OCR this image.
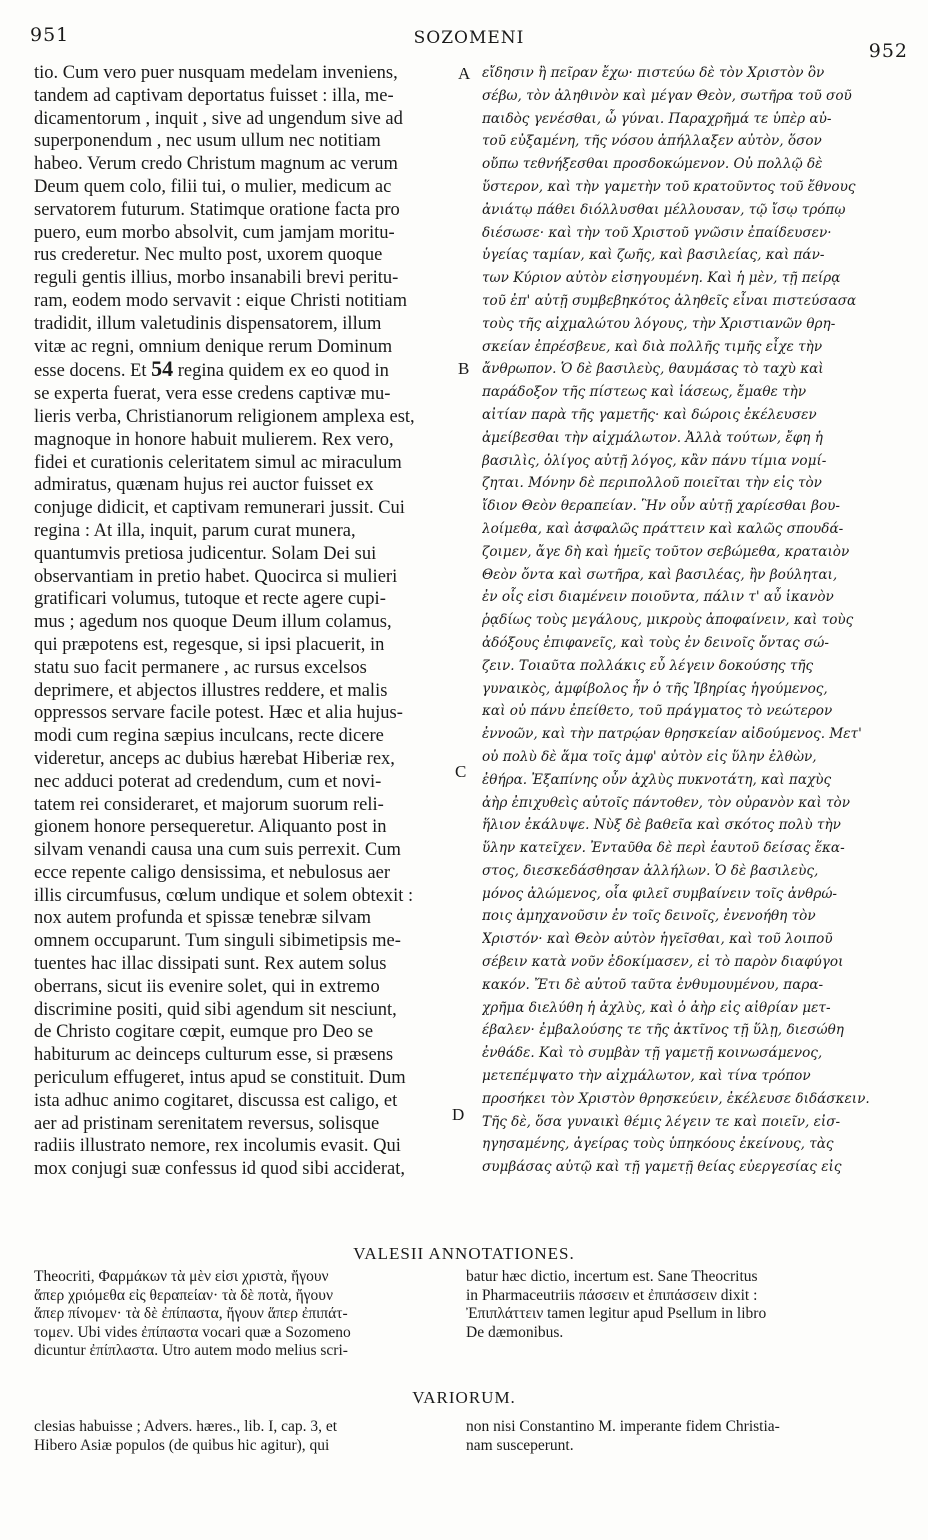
951	SOZOMENI
952

tio. Cum vero puer nusquam medelam inveniens,

tandem ad captivam deportatus fuisset : illa, me-

dicamentorum , inquit , sive ad ungendum sive ad

superponendum , nec usum ullum nec notitiam

habeo. Verum credo Christum magnum ac verum

Deum quem colo, filii tui, o mulier, medicum ac

servatorem futurum. Statimque oratione facta pro

puero, eum morbo absolvit, cum jamjam moritu-

rus crederetur. Nec multo post, uxorem quoque

reguli gentis illius, morbo insanabili brevi peritu-

ram, eodem modo servavit : eique Christi notitiam

tradidit, illum valetudinis dispensatorem, illum

vitæ ac regni, omnium denique rerum Dominum

esse docens. Et 54 regina quidem ex eo quod in

se experta fuerat, vera esse credens captivæ mu-

lieris verba, Christianorum religionem amplexa est,

magnoque in honore habuit mulierem. Rex vero,

fidei et curationis celeritatem simul ac miraculum

admiratus, quænam hujus rei auctor fuisset ex

conjuge didicit, et captivam remunerari jussit. Cui

regina : At illa, inquit, parum curat munera,

quantumvis pretiosa judicentur. Solam Dei sui

observantiam in pretio habet. Quocirca si mulieri

gratificari volumus, tutoque et recte agere cupi-

mus ; agedum nos quoque Deum illum colamus,

qui præpotens est, regesque, si ipsi placuerit, in

statu suo facit permanere , ac rursus excelsos

deprimere, et abjectos illustres reddere, et malis

oppressos servare facile potest. Hæc et alia hujus-

modi cum regina sæpius inculcans, recte dicere

videretur, anceps ac dubius hærebat Hiberiæ rex,

nec adduci poterat ad credendum, cum et novi-

tatem rei consideraret, et majorum suorum reli-

gionem honore persequeretur. Aliquanto post in

silvam venandi causa una cum suis perrexit. Cum

ecce repente caligo densissima, et nebulosus aer

illis circumfusus, cœlum undique et solem obtexit :

nox autem profunda et spissæ tenebræ silvam

omnem occuparunt. Tum singuli sibimetipsis me-

tuentes hac illac dissipati sunt. Rex autem solus

oberrans, sicut iis evenire solet, qui in extremo

discrimine positi, quid sibi agendum sit nesciunt,

de Christo cogitare cœpit, eumque pro Deo se

habiturum ac deinceps culturum esse, si præsens

periculum effugeret, intus apud se constituit. Dum

ista adhuc animo cogitaret, discussa est caligo, et

aer ad pristinam serenitatem reversus, solisque

radiis illustrato nemore, rex incolumis evasit. Qui

mox conjugi suæ confessus id quod sibi acciderat,

εἴδησιν ἢ πεῖραν ἔχω· πιστεύω δὲ τὸν Χριστὸν ὃν

σέβω, τὸν ἀληθινὸν καὶ μέγαν Θεὸν, σωτῆρα τοῦ σοῦ

παιδὸς γενέσθαι, ὦ γύναι. Παραχρῆμά τε ὑπὲρ αὐ-

τοῦ εὐξαμένη, τῆς νόσου ἀπήλλαξεν αὐτὸν, ὅσον

οὔπω τεθνήξεσθαι προσδοκώμενον. Οὐ πολλῷ δὲ

ὕστερον, καὶ τὴν γαμετὴν τοῦ κρατοῦντος τοῦ ἔθνους

ἀνιάτῳ πάθει διόλλυσθαι μέλλουσαν, τῷ ἴσῳ τρόπῳ

διέσωσε· καὶ τὴν τοῦ Χριστοῦ γνῶσιν ἐπαίδευσεν·

ὑγείας ταμίαν, καὶ ζωῆς, καὶ βασιλείας, καὶ πάν-

των Κύριον αὐτὸν εἰσηγουμένη. Καὶ ἡ μὲν, τῇ πείρᾳ

τοῦ ἐπ' αὐτῇ συμβεβηκότος ἀληθεῖς εἶναι πιστεύσασα

τοὺς τῆς αἰχμαλώτου λόγους, τὴν Χριστιανῶν θρη-

σκείαν ἐπρέσβευε, καὶ διὰ πολλῆς τιμῆς εἶχε τὴν

ἄνθρωπον. Ὁ δὲ βασιλεὺς, θαυμάσας τὸ ταχὺ καὶ

παράδοξον τῆς πίστεως καὶ ἰάσεως, ἔμαθε τὴν

αἰτίαν παρὰ τῆς γαμετῆς· καὶ δώροις ἐκέλευσεν

ἀμείβεσθαι τὴν αἰχμάλωτον. Ἀλλὰ τούτων, ἔφη ἡ

βασιλὶς, ὀλίγος αὐτῇ λόγος, κἂν πάνυ τίμια νομί-

ζηται. Μόνην δὲ περιπολλοῦ ποιεῖται τὴν εἰς τὸν

ἴδιον Θεὸν θεραπείαν. Ἣν οὖν αὐτῇ χαρίεσθαι βου-

λοίμεθα, καὶ ἀσφαλῶς πράττειν καὶ καλῶς σπουδά-

ζοιμεν, ἄγε δὴ καὶ ἡμεῖς τοῦτον σεβώμεθα, κραταιὸν

Θεὸν ὄντα καὶ σωτῆρα, καὶ βασιλέας, ἢν βούληται,

ἐν οἷς εἰσι διαμένειν ποιοῦντα, πάλιν τ' αὖ ἱκανὸν

ῥᾳδίως τοὺς μεγάλους, μικροὺς ἀποφαίνειν, καὶ τοὺς

ἀδόξους ἐπιφανεῖς, καὶ τοὺς ἐν δεινοῖς ὄντας σώ-

ζειν. Τοιαῦτα πολλάκις εὖ λέγειν δοκούσης τῆς

γυναικὸς, ἀμφίβολος ἦν ὁ τῆς Ἰβηρίας ἡγούμενος,

καὶ οὐ πάνυ ἐπείθετο, τοῦ πράγματος τὸ νεώτερον

ἐννοῶν, καὶ τὴν πατρῴαν θρησκείαν αἰδούμενος. Μετ'

οὐ πολὺ δὲ ἅμα τοῖς ἀμφ' αὐτὸν εἰς ὕλην ἐλθὼν,

ἐθήρα. Ἐξαπίνης οὖν ἀχλὺς πυκνοτάτη, καὶ παχὺς

ἀὴρ ἐπιχυθεὶς αὐτοῖς πάντοθεν, τὸν οὐρανὸν καὶ τὸν

ἥλιον ἐκάλυψε. Νὺξ δὲ βαθεῖα καὶ σκότος πολὺ τὴν

ὕλην κατεῖχεν. Ἐνταῦθα δὲ περὶ ἑαυτοῦ δείσας ἕκα-

στος, διεσκεδάσθησαν ἀλλήλων. Ὁ δὲ βασιλεὺς,

μόνος ἀλώμενος, οἷα φιλεῖ συμβαίνειν τοῖς ἀνθρώ-

ποις ἀμηχανοῦσιν ἐν τοῖς δεινοῖς, ἐνενοήθη τὸν

Χριστόν· καὶ Θεὸν αὐτὸν ἡγεῖσθαι, καὶ τοῦ λοιποῦ

σέβειν κατὰ νοῦν ἐδοκίμασεν, εἰ τὸ παρὸν διαφύγοι

κακόν. Ἔτι δὲ αὐτοῦ ταῦτα ἐνθυμουμένου, παρα-

χρῆμα διελύθη ἡ ἀχλὺς, καὶ ὁ ἀὴρ εἰς αἰθρίαν μετ-

έβαλεν· ἐμβαλούσης τε τῆς ἀκτῖνος τῇ ὕλῃ, διεσώθη

ἐνθάδε. Καὶ τὸ συμβὰν τῇ γαμετῇ κοινωσάμενος,

μετεπέμψατο τὴν αἰχμάλωτον, καὶ τίνα τρόπον

προσήκει τὸν Χριστὸν θρησκεύειν, ἐκέλευσε διδάσκειν.

Τῆς δὲ, ὅσα γυναικὶ θέμις λέγειν τε καὶ ποιεῖν, εἰσ-

ηγησαμένης, ἀγείρας τοὺς ὑπηκόους ἐκείνους, τὰς

συμβάσας αὐτῷ καὶ τῇ γαμετῇ θείας εὐεργεσίας εἰς

A
B
C
D
VALESII ANNOTATIONES.

Theocriti, Φαρμάκων τὰ μὲν εἰσι χριστὰ, ἤγουν

ἅπερ χριόμεθα εἰς θεραπείαν· τὰ δὲ ποτὰ, ἤγουν

ἅπερ πίνομεν· τὰ δὲ ἐπίπαστα, ἤγουν ἅπερ ἐπιπάτ-

τομεν. Ubi vides ἐπίπαστα vocari quæ a Sozomeno

dicuntur ἐπίπλαστα. Utro autem modo melius scri-

batur hæc dictio, incertum est. Sane Theocritus

in Pharmaceutriis πάσσειν et ἐπιπάσσειν dixit :

Ἐπιπλάττειν tamen legitur apud Psellum in libro

De dæmonibus.

VARIORUM.

clesias habuisse ; Advers. hæres., lib. I, cap. 3, et

Hibero Asiæ populos (de quibus hic agitur), qui

non nisi Constantino M. imperante fidem Christia-

nam susceperunt.
